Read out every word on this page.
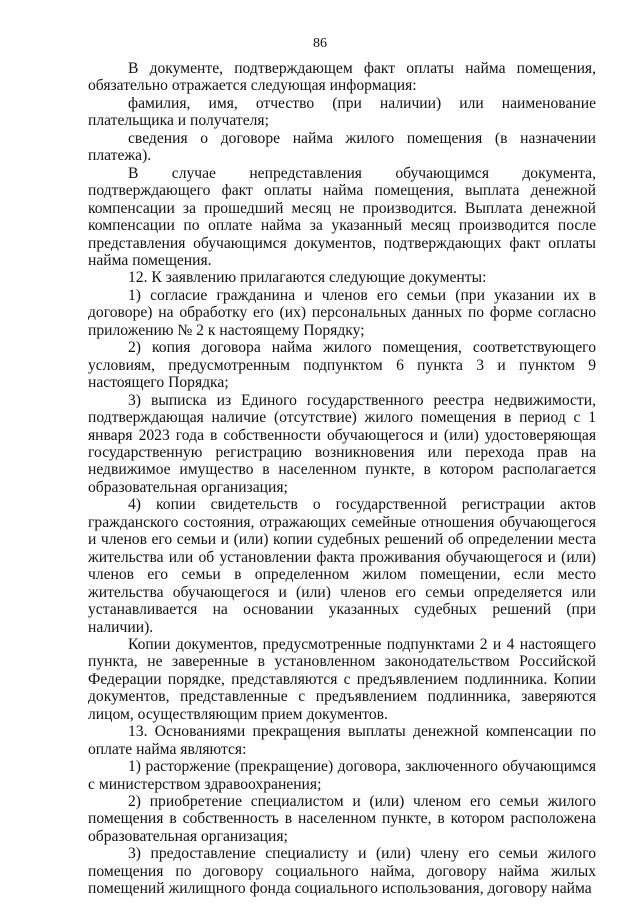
86

В документе, подтверждающем факт оплаты найма помещения, обязательно отражается следующая информация:

фамилия, имя, отчество (при наличии) или наименование плательщика и получателя;

сведения о договоре найма жилого помещения (в назначении платежа).

В случае непредставления обучающимся документа, подтверждающего факт оплаты найма помещения, выплата денежной компенсации за прошедший месяц не производится. Выплата денежной компенсации по оплате найма за указанный месяц производится после представления обучающимся документов, подтверждающих факт оплаты найма помещения.

12. К заявлению прилагаются следующие документы:

1) согласие гражданина и членов его семьи (при указании их в договоре) на обработку его (их) персональных данных по форме согласно приложению № 2 к настоящему Порядку;

2) копия договора найма жилого помещения, соответствующего условиям, предусмотренным подпунктом 6 пункта 3 и пунктом 9 настоящего Порядка;

3) выписка из Единого государственного реестра недвижимости, подтверждающая наличие (отсутствие) жилого помещения в период с 1 января 2023 года в собственности обучающегося и (или) удостоверяющая государственную регистрацию возникновения или перехода прав на недвижимое имущество в населенном пункте, в котором располагается образовательная организация;

4) копии свидетельств о государственной регистрации актов гражданского состояния, отражающих семейные отношения обучающегося и членов его семьи и (или) копии судебных решений об определении места жительства или об установлении факта проживания обучающегося и (или) членов его семьи в определенном жилом помещении, если место жительства обучающегося и (или) членов его семьи определяется или устанавливается на основании указанных судебных решений (при наличии).

Копии документов, предусмотренные подпунктами 2 и 4 настоящего пункта, не заверенные в установленном законодательством Российской Федерации порядке, представляются с предъявлением подлинника. Копии документов, представленные с предъявлением подлинника, заверяются лицом, осуществляющим прием документов.

13. Основаниями прекращения выплаты денежной компенсации по оплате найма являются:

1) расторжение (прекращение) договора, заключенного обучающимся с министерством здравоохранения;

2) приобретение специалистом и (или) членом его семьи жилого помещения в собственность в населенном пункте, в котором расположена образовательная организация;

3) предоставление специалисту и (или) члену его семьи жилого помещения по договору социального найма, договору найма жилых помещений жилищного фонда социального использования, договору найма
